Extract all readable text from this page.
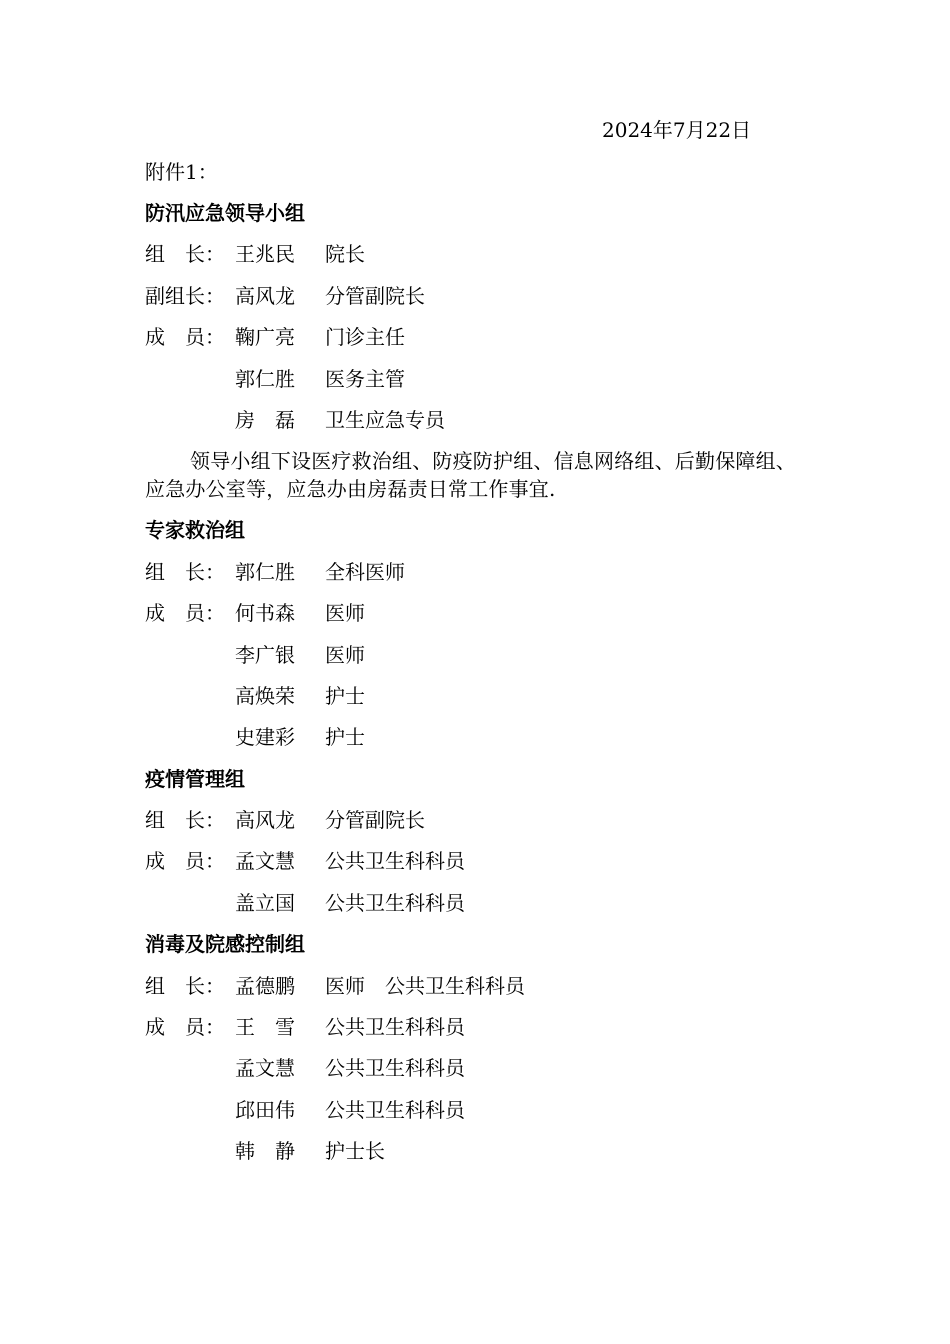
2024年7月22日
附件1：
防汛应急领导小组
组　长： 王兆民	院长
副组长： 高风龙	分管副院长
成　员： 鞠广亮	门诊主任
郭仁胜	医务主管
房　磊	卫生应急专员
领导小组下设医疗救治组、防疫防护组、信息网络组、后勤保障组、应急办公室等，应急办由房磊责日常工作事宜.
专家救治组
组　长： 郭仁胜	全科医师
成　员： 何书森	医师
李广银	医师
高焕荣	护士
史建彩	护士
疫情管理组
组　长： 高风龙	分管副院长
成　员： 孟文慧	公共卫生科科员
盖立国	公共卫生科科员
消毒及院感控制组
组　长： 孟德鹏	医师　公共卫生科科员
成　员： 王　雪	公共卫生科科员
孟文慧	公共卫生科科员
邱田伟	公共卫生科科员
韩　静	护士长
